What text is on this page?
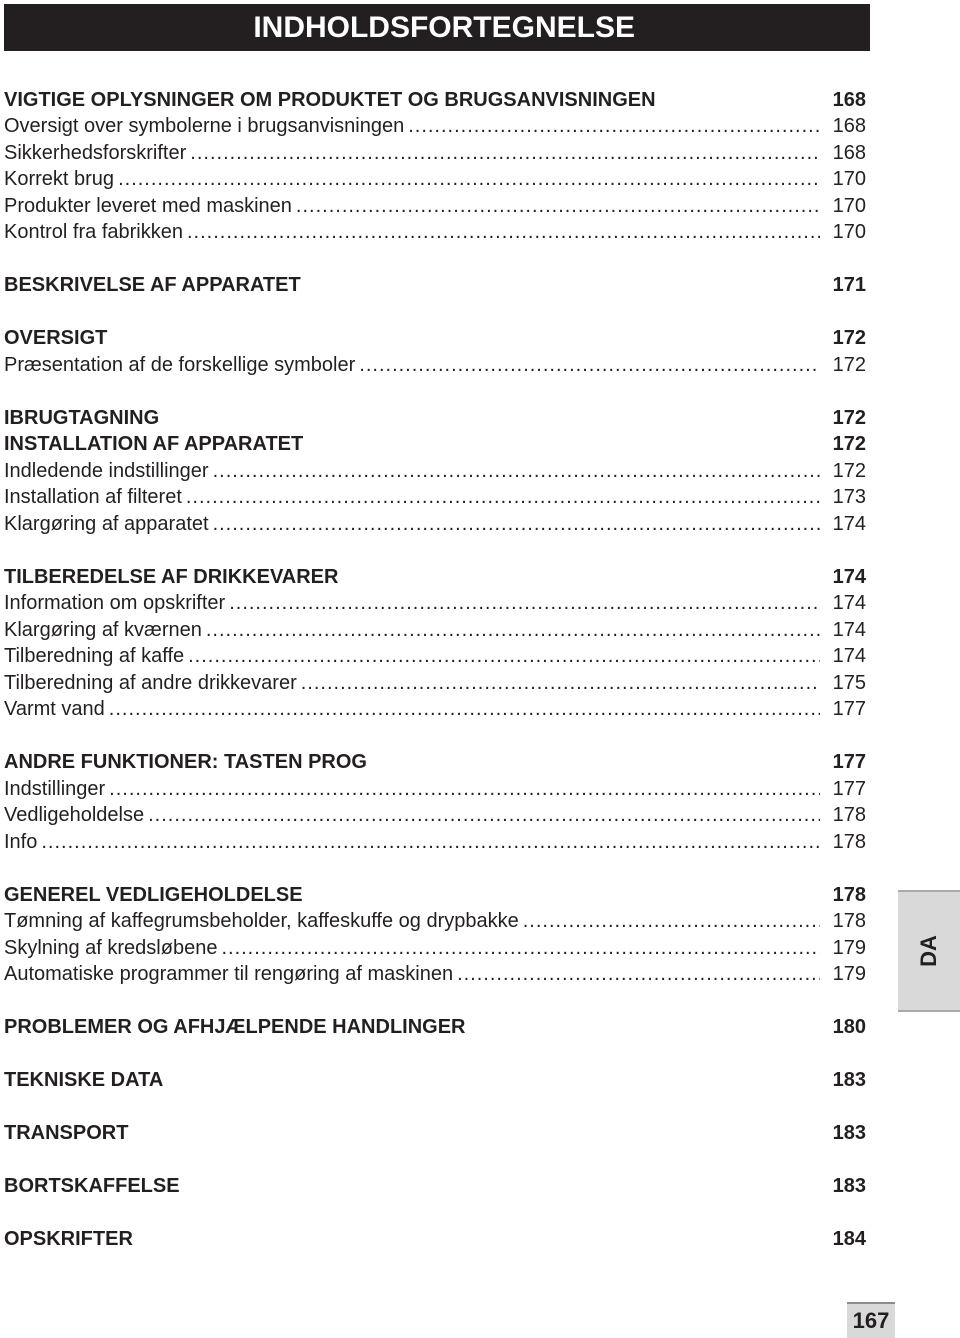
INDHOLDSFORTEGNELSE
VIGTIGE OPLYSNINGER OM PRODUKTET OG BRUGSANVISNINGEN	168
Oversigt over symbolerne i brugsanvisningen .....	168
Sikkerhedsforskrifter .....	168
Korrekt brug .....	170
Produkter leveret med maskinen .....	170
Kontrol fra fabrikken .....	170
BESKRIVELSE AF APPARATET	171
OVERSIGT	172
Præsentation af de forskellige symboler .....	172
IBRUGTAGNING	172
INSTALLATION AF APPARATET	172
Indledende indstillinger .....	172
Installation af filteret .....	173
Klargøring af apparatet .....	174
TILBEREDELSE AF DRIKKEVARER	174
Information om opskrifter .....	174
Klargøring af kværnen .....	174
Tilberedning af kaffe .....	174
Tilberedning af andre drikkevarer .....	175
Varmt vand .....	177
ANDRE FUNKTIONER: TASTEN PROG	177
Indstillinger .....	177
Vedligeholdelse .....	178
Info .....	178
GENEREL VEDLIGEHOLDELSE	178
Tømning af kaffegrumsbeholder, kaffeskuffe og drypbakke .....	178
Skylning af kredsløbene .....	179
Automatiske programmer til rengøring af maskinen .....	179
PROBLEMER OG AFHJÆLPENDE HANDLINGER	180
TEKNISKE DATA	183
TRANSPORT	183
BORTSKAFFELSE	183
OPSKRIFTER	184
DA
167
